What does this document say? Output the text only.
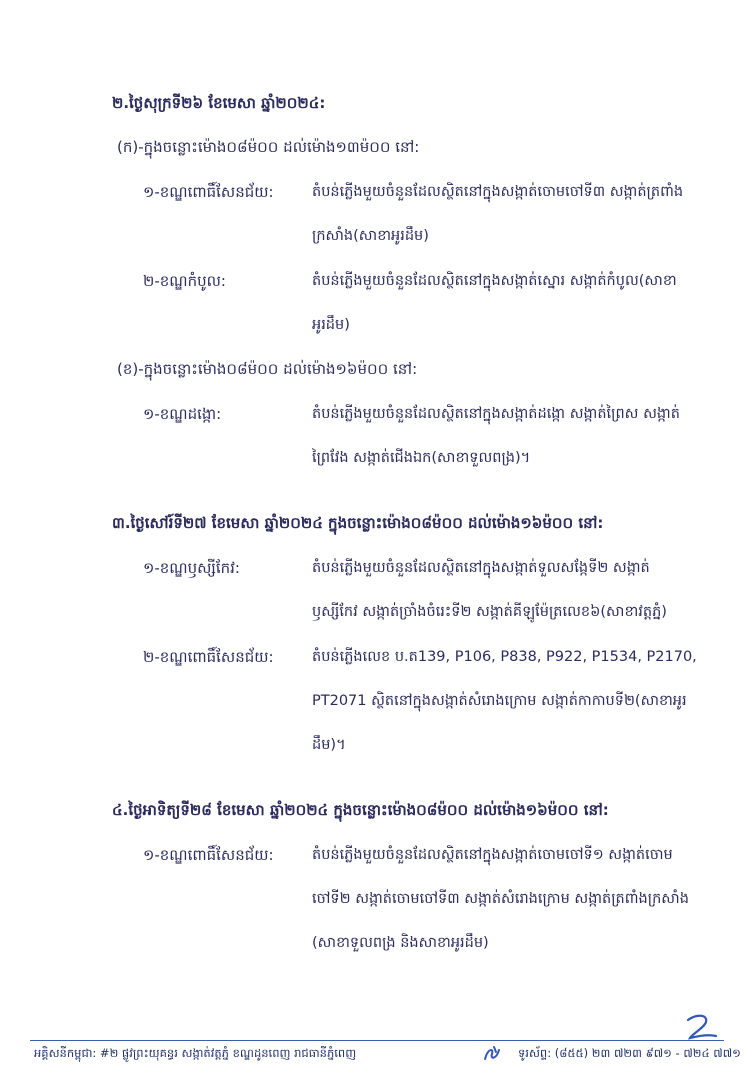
២.ថ្ងៃសុក្រទី២៦ ខែមេសា ឆ្នាំ២០២៤:
(ក)-ក្នុងចន្លោះម៉ោង០៨ម៉០០ ដល់ម៉ោង១៣ម៉០០ នៅ:
១-ខណ្ឌពោធិ៍សែនជ័យ:	តំបន់ភ្លើងមួយចំនួនដែលស្ថិតនៅក្នុងសង្កាត់ចោមចៅទី៣ សង្កាត់ត្រពាំង
ក្រសាំង(សាខាអូរដឹម)
២-ខណ្ឌកំបូល:	តំបន់ភ្លើងមួយចំនួនដែលស្ថិតនៅក្នុងសង្កាត់ស្នោរ សង្កាត់កំបូល(សាខា
អូរដឹម)
(ខ)-ក្នុងចន្លោះម៉ោង០៨ម៉០០ ដល់ម៉ោង១៦ម៉០០ នៅ:
១-ខណ្ឌដង្កោ:	តំបន់ភ្លើងមួយចំនួនដែលស្ថិតនៅក្នុងសង្កាត់ដង្កោ សង្កាត់ព្រៃស សង្កាត់
ព្រៃវែង សង្កាត់ជើងឯក(សាខាទួលពង្រ)។
៣.ថ្ងៃសៅរ៍ទី២៧ ខែមេសា ឆ្នាំ២០២៤ ក្នុងចន្លោះម៉ោង០៨ម៉០០ ដល់ម៉ោង១៦ម៉០០ នៅ:
១-ខណ្ឌឫស្សីកែវ:	តំបន់ភ្លើងមួយចំនួនដែលស្ថិតនៅក្នុងសង្កាត់ទួលសង្កែទី២ សង្កាត់
ឫស្សីកែវ សង្កាត់ច្រាំងចំរេះទី២ សង្កាត់គីឡូម៉ែត្រលេខ៦(សាខាវត្តភ្នំ)
២-ខណ្ឌពោធិ៍សែនជ័យ:	តំបន់ភ្លើងលេខ ប.ត139, P106, P838, P922, P1534, P2170,
PT2071 ស្ថិតនៅក្នុងសង្កាត់សំរោងក្រោម សង្កាត់កាកាបទី២(សាខាអូរ
ដឹម)។
៤.ថ្ងៃអាទិត្យទី២៨ ខែមេសា ឆ្នាំ២០២៤ ក្នុងចន្លោះម៉ោង០៨ម៉០០ ដល់ម៉ោង១៦ម៉០០ នៅ:
១-ខណ្ឌពោធិ៍សែនជ័យ:	តំបន់ភ្លើងមួយចំនួនដែលស្ថិតនៅក្នុងសង្កាត់ចោមចៅទី១ សង្កាត់ចោម
ចៅទី២ សង្កាត់ចោមចៅទី៣ សង្កាត់សំរោងក្រោម សង្កាត់ត្រពាំងក្រសាំង
(សាខាទួលពង្រ និងសាខាអូរដឹម)
អគ្គិសនីកម្ពុជា: #២ ផ្លូវព្រះយុគន្ធរ សង្កាត់វត្តភ្នំ ខណ្ឌដូនពេញ រាជធានីភ្នំពេញ	ទូរស័ព្ទ: (៨៥៥) ២៣ ៧២៣ ៩៧១ - ៧២៤ ៧៧១
